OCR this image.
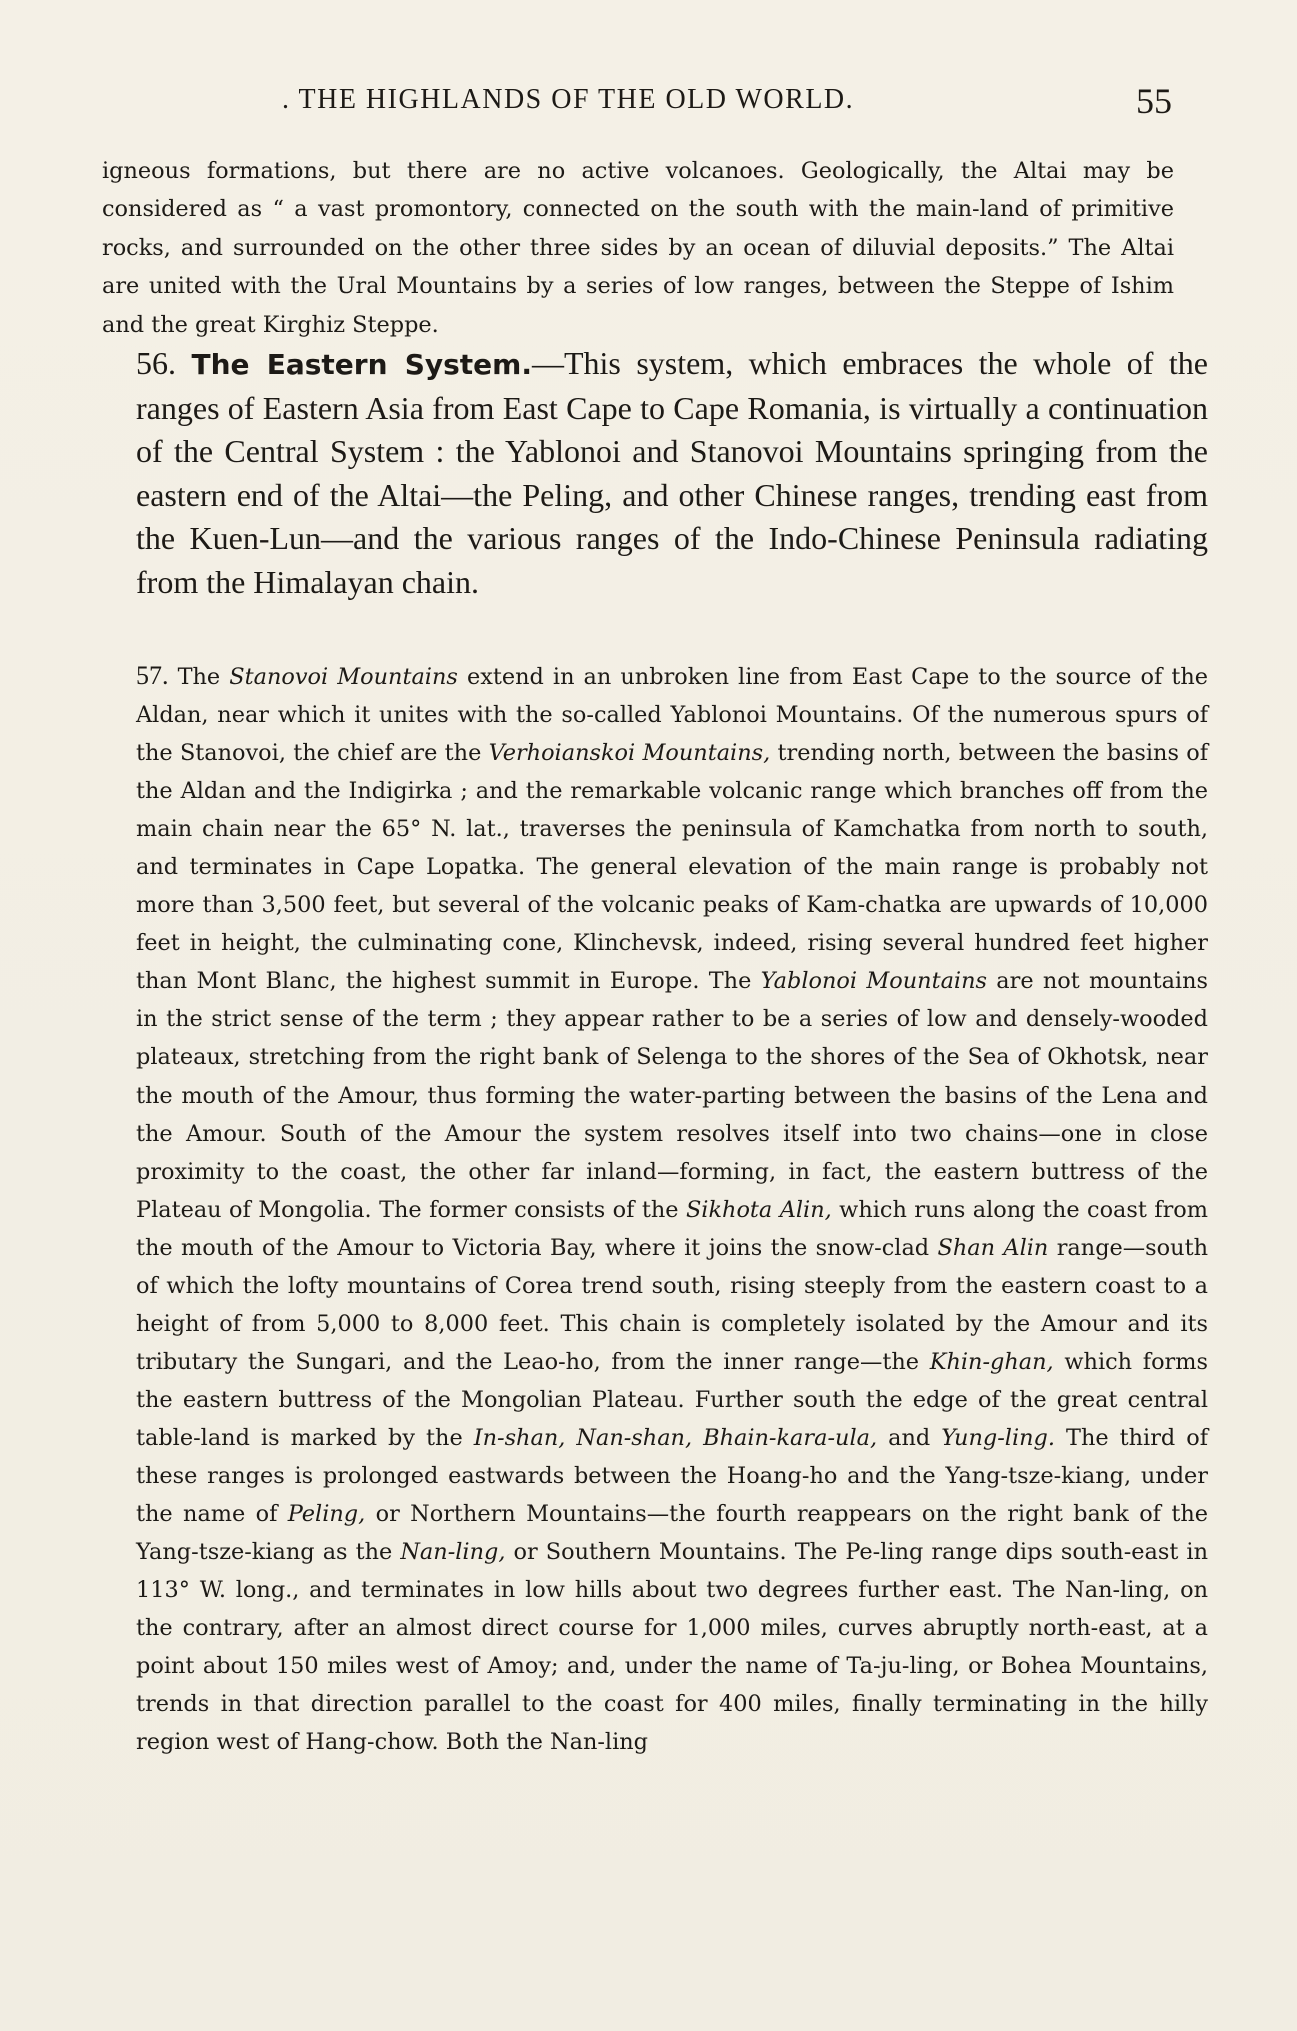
. THE HIGHLANDS OF THE OLD WORLD.	55

igneous formations, but there are no active volcanoes. Geologically, the Altai may be considered as “ a vast promontory, connected on the south with the main-land of primitive rocks, and surrounded on the other three sides by an ocean of diluvial deposits.” The Altai are united with the Ural Mountains by a series of low ranges, between the Steppe of Ishim and the great Kirghiz Steppe.

56. The Eastern System.—This system, which embraces the whole of the ranges of Eastern Asia from East Cape to Cape Romania, is virtually a continuation of the Central System : the Yablonoi and Stanovoi Mountains springing from the eastern end of the Altai—the Peling, and other Chinese ranges, trending east from the Kuen-Lun—and the various ranges of the Indo-Chinese Peninsula radiating from the Himalayan chain.

57. The Stanovoi Mountains extend in an unbroken line from East Cape to the source of the Aldan, near which it unites with the so-called Yablonoi Mountains. Of the numerous spurs of the Stanovoi, the chief are the Verhoianskoi Mountains, trending north, between the basins of the Aldan and the Indigirka ; and the remarkable volcanic range which branches off from the main chain near the 65° N. lat., traverses the peninsula of Kamchatka from north to south, and terminates in Cape Lopatka. The general elevation of the main range is probably not more than 3,500 feet, but several of the volcanic peaks of Kam-chatka are upwards of 10,000 feet in height, the culminating cone, Klinchevsk, indeed, rising several hundred feet higher than Mont Blanc, the highest summit in Europe. The Yablonoi Mountains are not mountains in the strict sense of the term ; they appear rather to be a series of low and densely-wooded plateaux, stretching from the right bank of Selenga to the shores of the Sea of Okhotsk, near the mouth of the Amour, thus forming the water-parting between the basins of the Lena and the Amour. South of the Amour the system resolves itself into two chains—one in close proximity to the coast, the other far inland—forming, in fact, the eastern buttress of the Plateau of Mongolia. The former consists of the Sikhota Alin, which runs along the coast from the mouth of the Amour to Victoria Bay, where it joins the snow-clad Shan Alin range—south of which the lofty mountains of Corea trend south, rising steeply from the eastern coast to a height of from 5,000 to 8,000 feet. This chain is completely isolated by the Amour and its tributary the Sungari, and the Leao-ho, from the inner range—the Khin-ghan, which forms the eastern buttress of the Mongolian Plateau. Further south the edge of the great central table-land is marked by the In-shan, Nan-shan, Bhain-kara-ula, and Yung-ling. The third of these ranges is prolonged eastwards between the Hoang-ho and the Yang-tsze-kiang, under the name of Peling, or Northern Mountains—the fourth reappears on the right bank of the Yang-tsze-kiang as the Nan-ling, or Southern Mountains. The Pe-ling range dips south-east in 113° W. long., and terminates in low hills about two degrees further east. The Nan-ling, on the contrary, after an almost direct course for 1,000 miles, curves abruptly north-east, at a point about 150 miles west of Amoy; and, under the name of Ta-ju-ling, or Bohea Mountains, trends in that direction parallel to the coast for 400 miles, finally terminating in the hilly region west of Hang-chow. Both the Nan-ling
